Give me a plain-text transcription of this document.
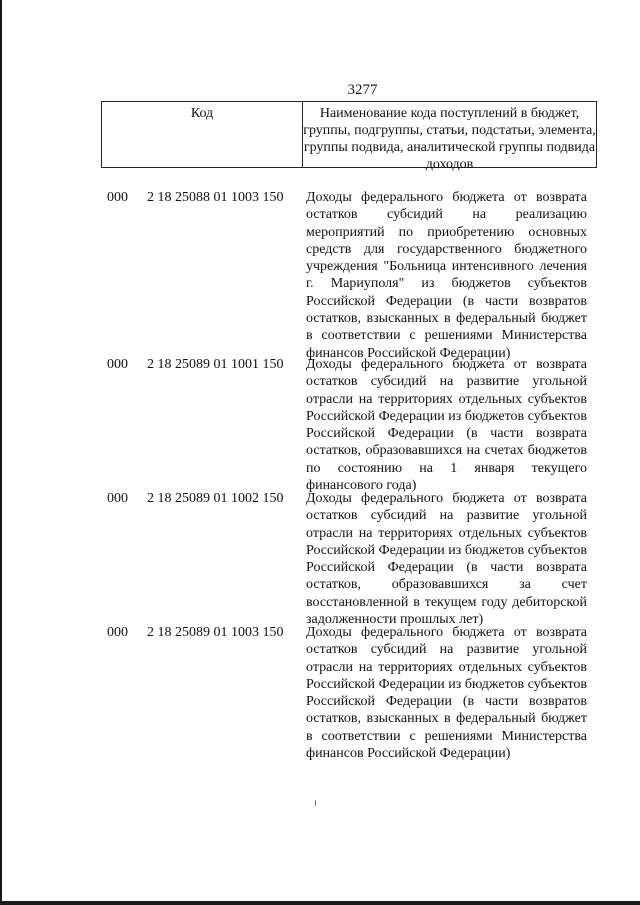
3277
Код	Наименование кода поступлений в бюджет, группы, подгруппы, статьи, подстатьи, элемента, группы подвида, аналитической группы подвида доходов
000	2 18 25088 01 1003 150	Доходы федерального бюджета от возврата остатков субсидий на реализацию мероприятий по приобретению основных средств для государственного бюджетного учреждения "Больница интенсивного лечения г. Мариуполя" из бюджетов субъектов Российской Федерации (в части возвратов остатков, взысканных в федеральный бюджет в соответствии с решениями Министерства финансов Российской Федерации)
000	2 18 25089 01 1001 150	Доходы федерального бюджета от возврата остатков субсидий на развитие угольной отрасли на территориях отдельных субъектов Российской Федерации из бюджетов субъектов Российской Федерации (в части возврата остатков, образовавшихся на счетах бюджетов по состоянию на 1 января текущего финансового года)
000	2 18 25089 01 1002 150	Доходы федерального бюджета от возврата остатков субсидий на развитие угольной отрасли на территориях отдельных субъектов Российской Федерации из бюджетов субъектов Российской Федерации (в части возврата остатков, образовавшихся за счет восстановленной в текущем году дебиторской задолженности прошлых лет)
000	2 18 25089 01 1003 150	Доходы федерального бюджета от возврата остатков субсидий на развитие угольной отрасли на территориях отдельных субъектов Российской Федерации из бюджетов субъектов Российской Федерации (в части возвратов остатков, взысканных в федеральный бюджет в соответствии с решениями Министерства финансов Российской Федерации)
